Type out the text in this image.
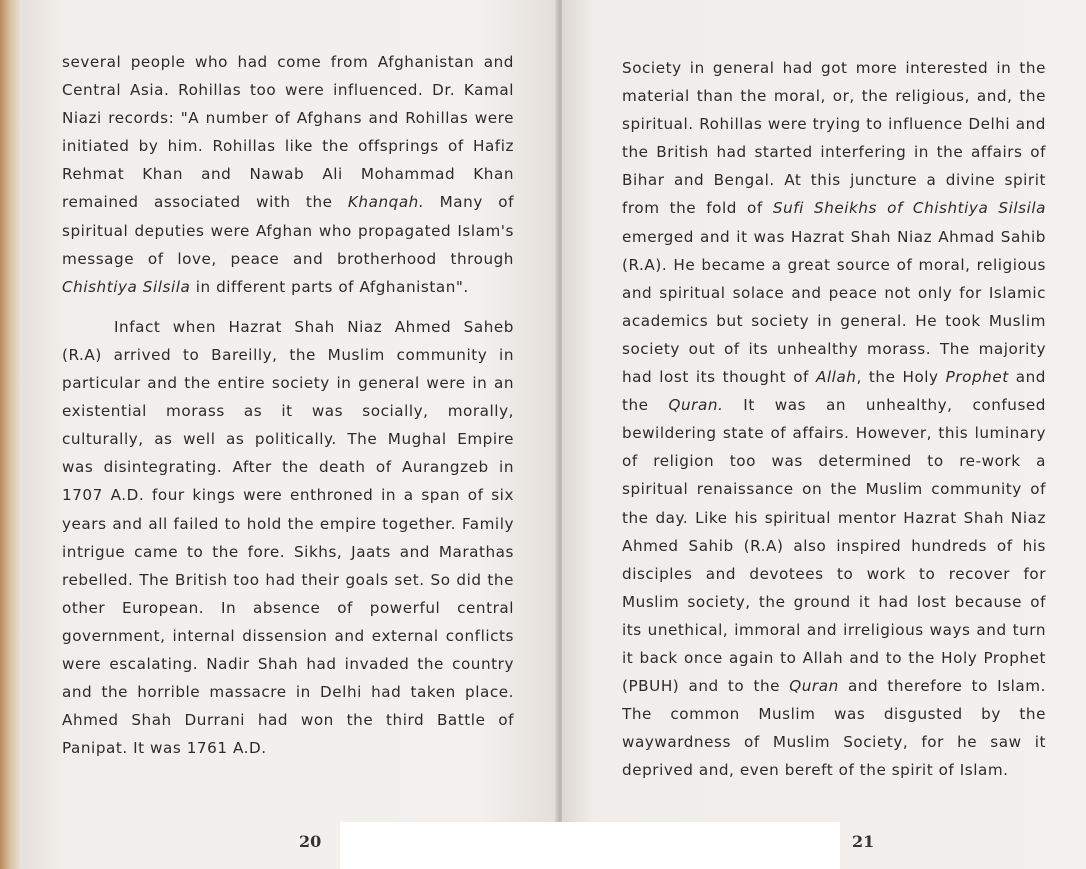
several people who had come from Afghanistan and Central Asia. Rohillas too were influenced. Dr. Kamal Niazi records: "A number of Afghans and Rohillas were initiated by him. Rohillas like the offsprings of Hafiz Rehmat Khan and Nawab Ali Mohammad Khan remained associated with the Khanqah. Many of spiritual deputies were Afghan who propagated Islam's message of love, peace and brotherhood through Chishtiya Silsila in different parts of Afghanistan".

Infact when Hazrat Shah Niaz Ahmed Saheb (R.A) arrived to Bareilly, the Muslim community in particular and the entire society in general were in an existential morass as it was socially, morally, culturally, as well as politically. The Mughal Empire was disintegrating. After the death of Aurangzeb in 1707 A.D. four kings were enthroned in a span of six years and all failed to hold the empire together. Family intrigue came to the fore. Sikhs, Jaats and Marathas rebelled. The British too had their goals set. So did the other European. In absence of powerful central government, internal dissension and external conflicts were escalating. Nadir Shah had invaded the country and the horrible massacre in Delhi had taken place. Ahmed Shah Durrani had won the third Battle of Panipat. It was 1761 A.D.

20

Society in general had got more interested in the material than the moral, or, the religious, and, the spiritual. Rohillas were trying to influence Delhi and the British had started interfering in the affairs of Bihar and Bengal. At this juncture a divine spirit from the fold of Sufi Sheikhs of Chishtiya Silsila emerged and it was Hazrat Shah Niaz Ahmad Sahib (R.A). He became a great source of moral, religious and spiritual solace and peace not only for Islamic academics but society in general. He took Muslim society out of its unhealthy morass. The majority had lost its thought of Allah, the Holy Prophet and the Quran. It was an unhealthy, confused bewildering state of affairs. However, this luminary of religion too was determined to re-work a spiritual renaissance on the Muslim community of the day. Like his spiritual mentor Hazrat Shah Niaz Ahmed Sahib (R.A) also inspired hundreds of his disciples and devotees to work to recover for Muslim society, the ground it had lost because of its unethical, immoral and irreligious ways and turn it back once again to Allah and to the Holy Prophet (PBUH) and to the Quran and therefore to Islam. The common Muslim was disgusted by the waywardness of Muslim Society, for he saw it deprived and, even bereft of the spirit of Islam.

21
